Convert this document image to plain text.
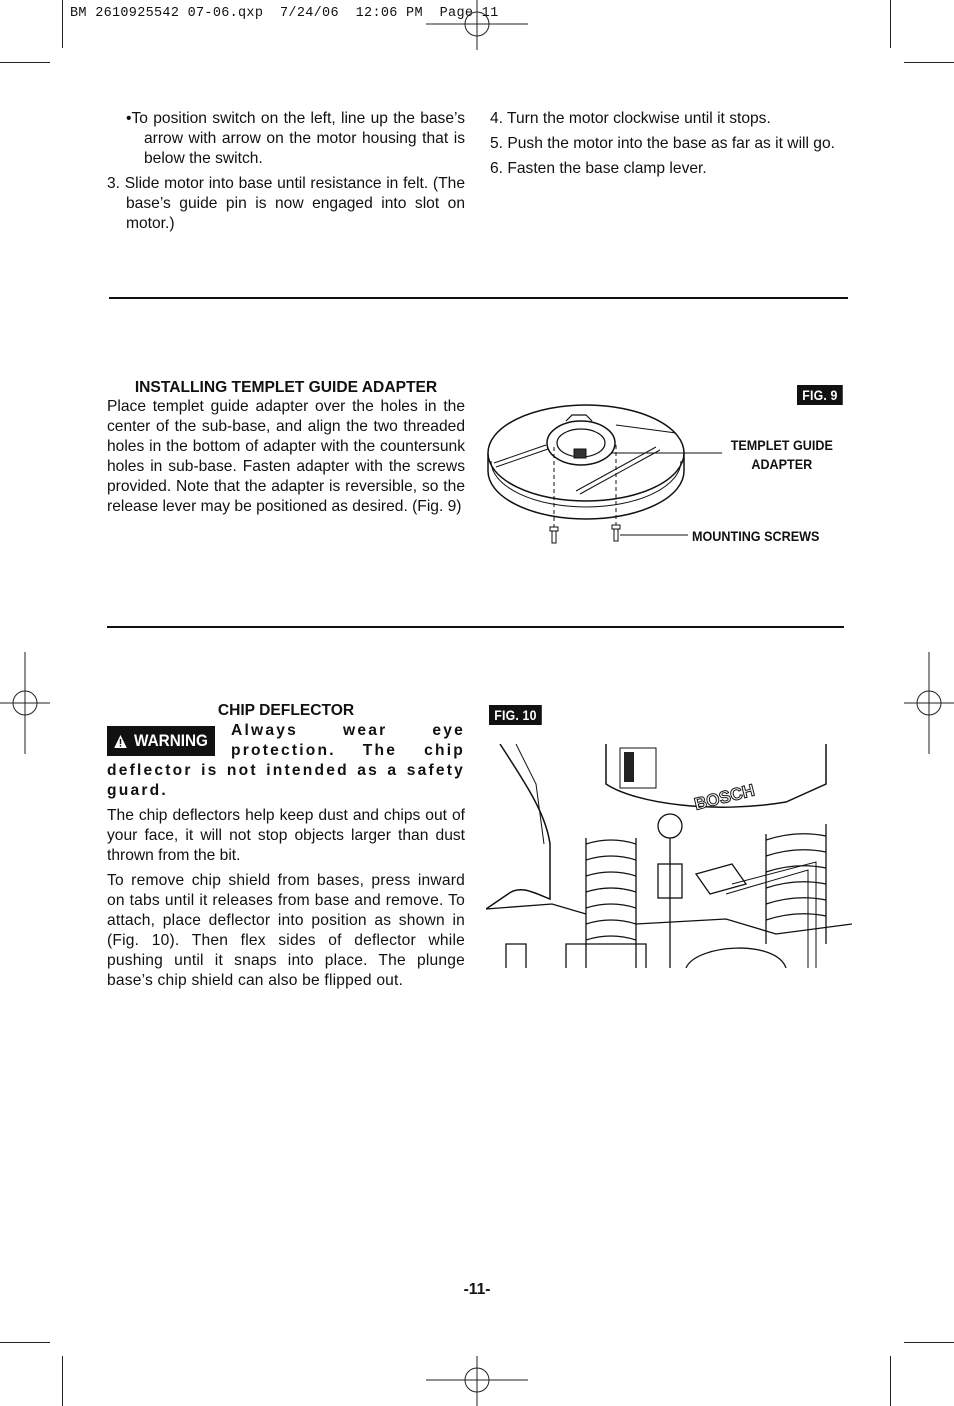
BM 2610925542 07-06.qxp  7/24/06  12:06 PM  Page 11

•To position switch on the left, line up the base’s arrow with arrow on the motor housing that is below the switch.

3. Slide motor into base until resistance in felt. (The base’s guide pin is now engaged into slot on motor.)

4. Turn the motor clockwise until it stops.

5. Push the motor into the base as far as it will go.

6. Fasten the base clamp lever.

INSTALLING TEMPLET GUIDE ADAPTER
Place templet guide adapter over the holes in the center of the sub-base, and align the two threaded holes in the bottom of adapter with the countersunk holes in sub-base. Fasten adapter with the screws provided. Note that the adapter is reversible, so the release lever may be positioned as desired. (Fig. 9)
FIG. 9
TEMPLET GUIDE
ADAPTER
MOUNTING SCREWS
CHIP DEFLECTOR
WARNING
Always wear eye protection. The chip deflector is not intended as a safety guard.

The chip deflectors help keep dust and chips out of your face, it will not stop objects larger than dust thrown from the bit.

To remove chip shield from bases, press inward on tabs until it releases from base and remove. To attach, place deflector into position as shown in (Fig. 10). Then flex sides of deflector while pushing until it snaps into place. The plunge base’s chip shield can also be flipped out.

FIG. 10
BOSCH
-11-
